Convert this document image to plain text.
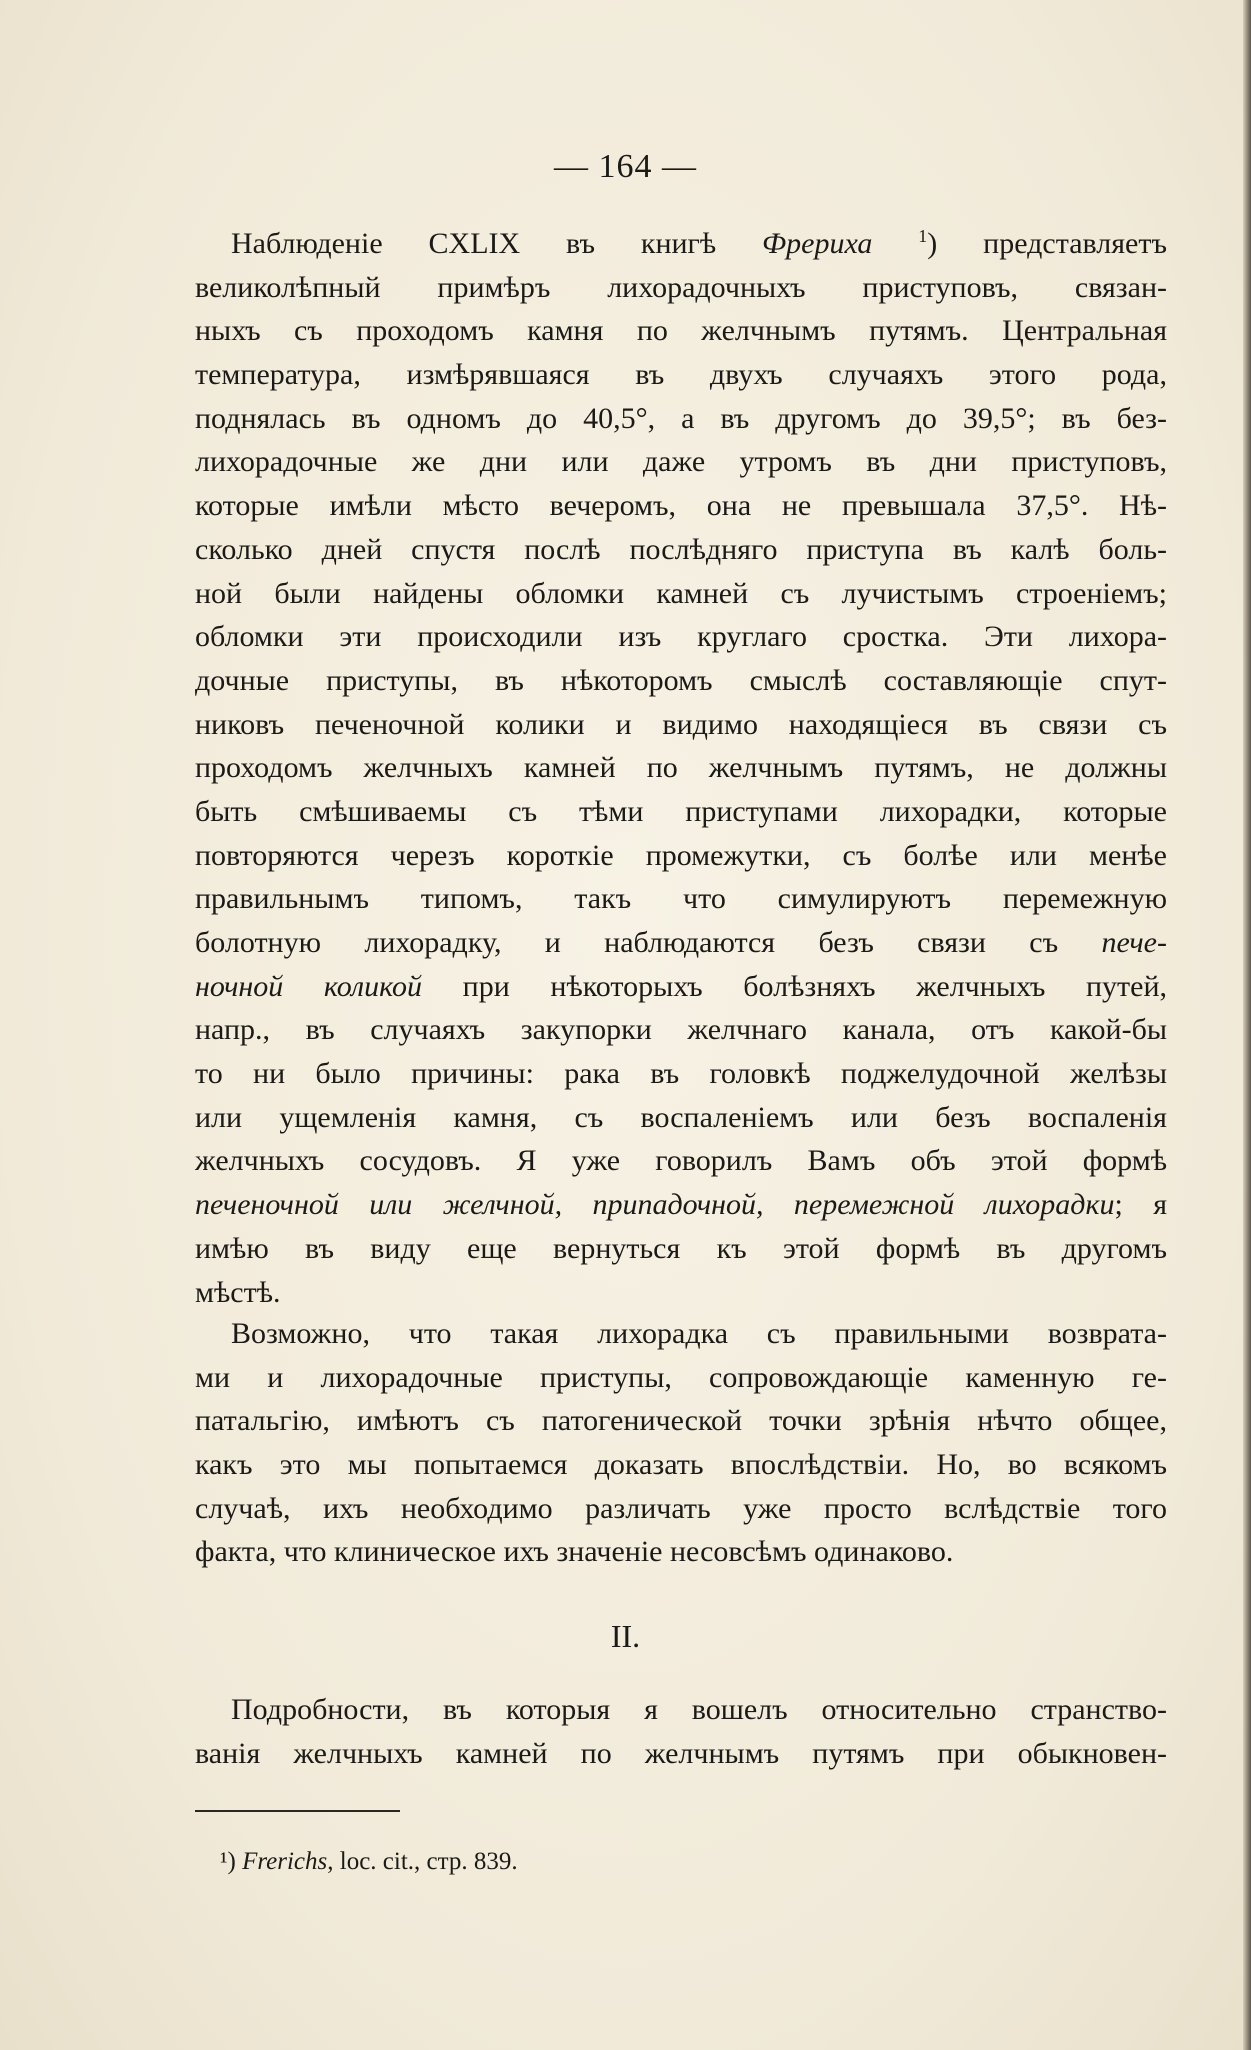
— 164 —
Наблюденіе CXLIX въ книгѣ Фрериха	$^1$) представляетъ
великолѣпный примѣръ лихорадочныхъ приступовъ, связан-
ныхъ съ проходомъ камня по желчнымъ путямъ. Центральная
температура, измѣрявшаяся въ двухъ случаяхъ этого рода,
поднялась въ одномъ до 40,5°, а въ другомъ до 39,5°; въ без-
лихорадочные же дни или даже утромъ въ дни приступовъ,
которые имѣли мѣсто вечеромъ, она не превышала 37,5°. Нѣ-
сколько дней спустя послѣ послѣдняго приступа въ калѣ боль-
ной были найдены обломки камней съ лучистымъ строеніемъ;
обломки эти происходили изъ круглаго сростка. Эти лихора-
дочные приступы, въ нѣкоторомъ смыслѣ составляющіе спут-
никовъ печеночной колики и видимо находящіеся въ связи съ
проходомъ желчныхъ камней по желчнымъ путямъ, не должны
быть смѣшиваемы съ тѣми приступами лихорадки, которые
повторяются черезъ короткіе промежутки, съ болѣе или менѣе
правильнымъ типомъ, такъ что симулируютъ перемежную
болотную лихорадку, и наблюдаются безъ связи съ пече-
ночной коликой при нѣкоторыхъ болѣзняхъ желчныхъ путей,
напр., въ случаяхъ закупорки желчнаго канала, отъ какой-бы
то ни было причины: рака въ головкѣ поджелудочной желѣзы
или ущемленія камня, съ воспаленіемъ или безъ воспаленія
желчныхъ сосудовъ. Я уже говорилъ Вамъ объ этой формѣ
печеночной или желчной, припадочной, перемежной лихорадки; я
имѣю въ виду еще вернуться къ этой формѣ въ другомъ
мѣстѣ.
Возможно, что такая лихорадка съ правильными возврата-
ми и лихорадочные приступы, сопровождающіе каменную ге-
патальгію, имѣютъ съ патогенической точки зрѣнія нѣчто общее,
какъ это мы попытаемся доказать впослѣдствіи. Но, во всякомъ
случаѣ, ихъ необходимо различать уже просто вслѣдствіе того
факта, что клиническое ихъ значеніе несовсѣмъ одинаково.
II.
Подробности, въ которыя я вошелъ относительно странство-
ванія желчныхъ камней по желчнымъ путямъ при обыкновен-
¹) Frerichs, loc. cit., стр. 839.
